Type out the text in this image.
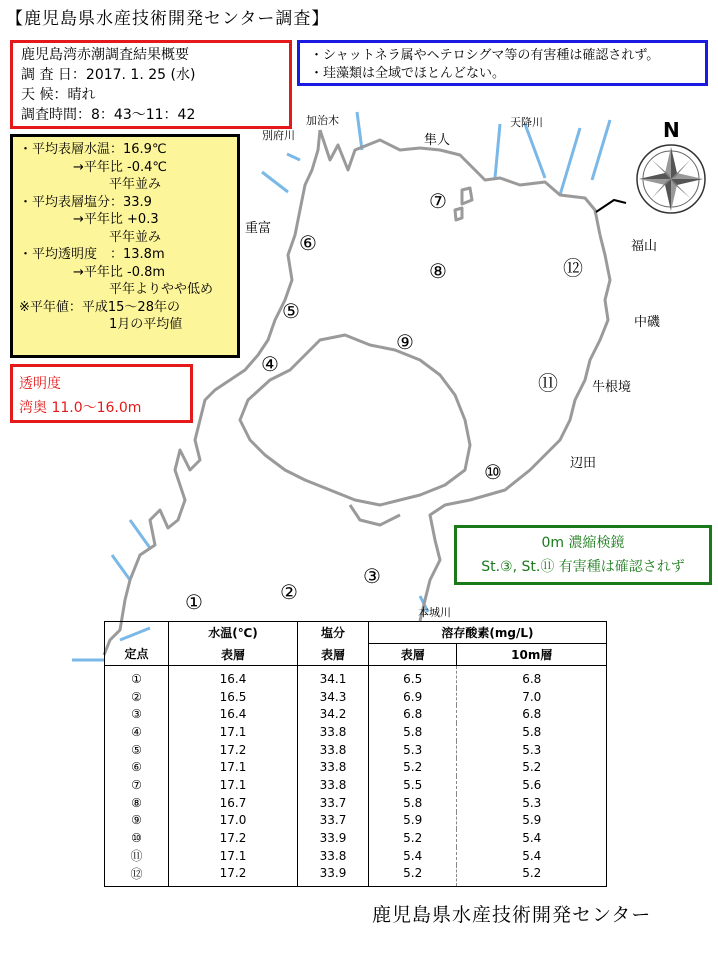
【鹿児島県水産技術開発センター調査】
N
鹿児島湾赤潮調査結果概要
調 査 日：2017. 1. 25 (水)
天 候：晴れ
調査時間：8：43～11：42
・シャットネラ属やヘテロシグマ等の有害種は確認されず。
・珪藻類は全域でほとんどない。
・平均表層水温：16.9℃
→平年比 -0.4℃
平年並み
・平均表層塩分：33.9
→平年比 +0.3
平年並み
・平均透明度　：13.8m
→平年比 -0.8m
平年よりやや低め
※平年値：平成15～28年の
1月の平均値
透明度
湾奥 11.0～16.0m
0m 濃縮検鏡
St.③, St.⑪ 有害種は確認されず
加治木
別府川	隼人
天降川
重富
福山
中磯
牛根境
辺田
本城川
①	②
③
④
⑤
⑥
⑦
⑧
⑨
⑩
⑪
⑫
定点	水温(℃)	塩分	溶存酸素(mg/L)	
	表層	表層	表層	10m層
①	16.4	34.1	6.5	6.8
②	16.5	34.3	6.9	7.0
③	16.4	34.2	6.8	6.8
④	17.1	33.8	5.8	5.8
⑤	17.2	33.8	5.3	5.3
⑥	17.1	33.8	5.2	5.2
⑦	17.1	33.8	5.5	5.6
⑧	16.7	33.7	5.8	5.3
⑨	17.0	33.7	5.9	5.9
⑩	17.2	33.9	5.2	5.4
⑪	17.1	33.8	5.4	5.4
⑫	17.2	33.9	5.2	5.2
鹿児島県水産技術開発センター
